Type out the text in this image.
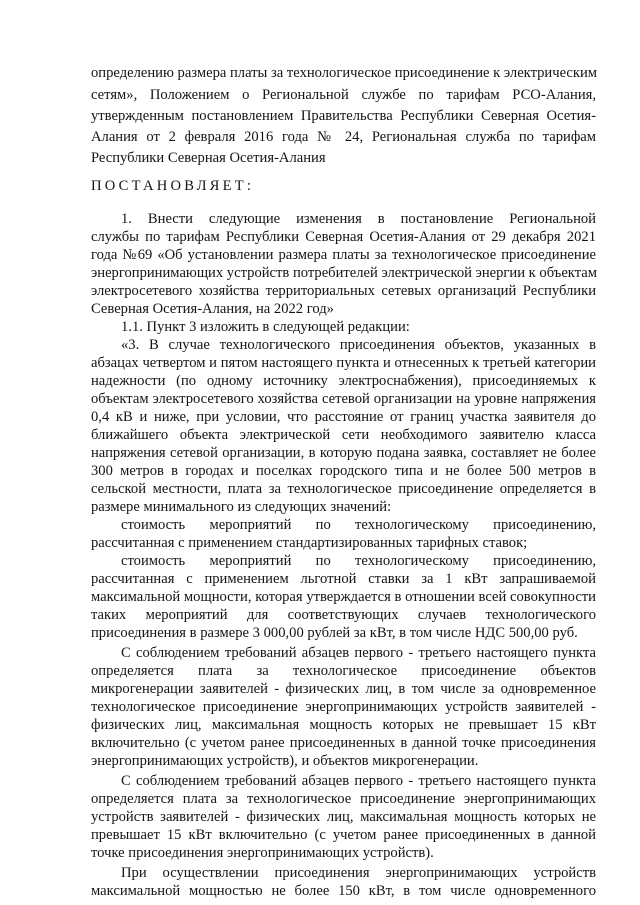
определению размера платы за технологическое присоединение к электрическим
сетям», Положением о Региональной службе по тарифам РСО-Алания,
утвержденным постановлением Правительства Республики Северная Осетия-
Алания от 2 февраля 2016 года № 24, Региональная служба по тарифам
Республики Северная Осетия-Алания
ПОСТАНОВЛЯЕТ:
1. Внести следующие изменения в постановление Региональной
службы по тарифам Республики Северная Осетия-Алания от 29 декабря 2021
года №69 «Об установлении размера платы за технологическое присоединение
энергопринимающих устройств потребителей электрической энергии к объектам
электросетевого хозяйства территориальных сетевых организаций Республики
Северная Осетия-Алания, на 2022 год»
1.1. Пункт 3 изложить в следующей редакции:
«3. В случае технологического присоединения объектов, указанных в
абзацах четвертом и пятом настоящего пункта и отнесенных к третьей категории
надежности (по одному источнику электроснабжения), присоединяемых к
объектам электросетевого хозяйства сетевой организации на уровне напряжения
0,4 кВ и ниже, при условии, что расстояние от границ участка заявителя до
ближайшего объекта электрической сети необходимого заявителю класса
напряжения сетевой организации, в которую подана заявка, составляет не более
300 метров в городах и поселках городского типа и не более 500 метров в
сельской местности, плата за технологическое присоединение определяется в
размере минимального из следующих значений:
стоимость мероприятий по технологическому присоединению,
рассчитанная с применением стандартизированных тарифных ставок;
стоимость мероприятий по технологическому присоединению,
рассчитанная с применением льготной ставки за 1 кВт запрашиваемой
максимальной мощности, которая утверждается в отношении всей совокупности
таких мероприятий для соответствующих случаев технологического
присоединения в размере 3 000,00 рублей за кВт, в том числе НДС 500,00 руб.
С соблюдением требований абзацев первого - третьего настоящего пункта
определяется плата за технологическое присоединение объектов
микрогенерации заявителей - физических лиц, в том числе за одновременное
технологическое присоединение энергопринимающих устройств заявителей -
физических лиц, максимальная мощность которых не превышает 15 кВт
включительно (с учетом ранее присоединенных в данной точке присоединения
энергопринимающих устройств), и объектов микрогенерации.
С соблюдением требований абзацев первого - третьего настоящего пункта
определяется плата за технологическое присоединение энергопринимающих
устройств заявителей - физических лиц, максимальная мощность которых не
превышает 15 кВт включительно (с учетом ранее присоединенных в данной
точке присоединения энергопринимающих устройств).
При осуществлении присоединения энергопринимающих устройств
максимальной мощностью не более 150 кВт, в том числе одновременного
